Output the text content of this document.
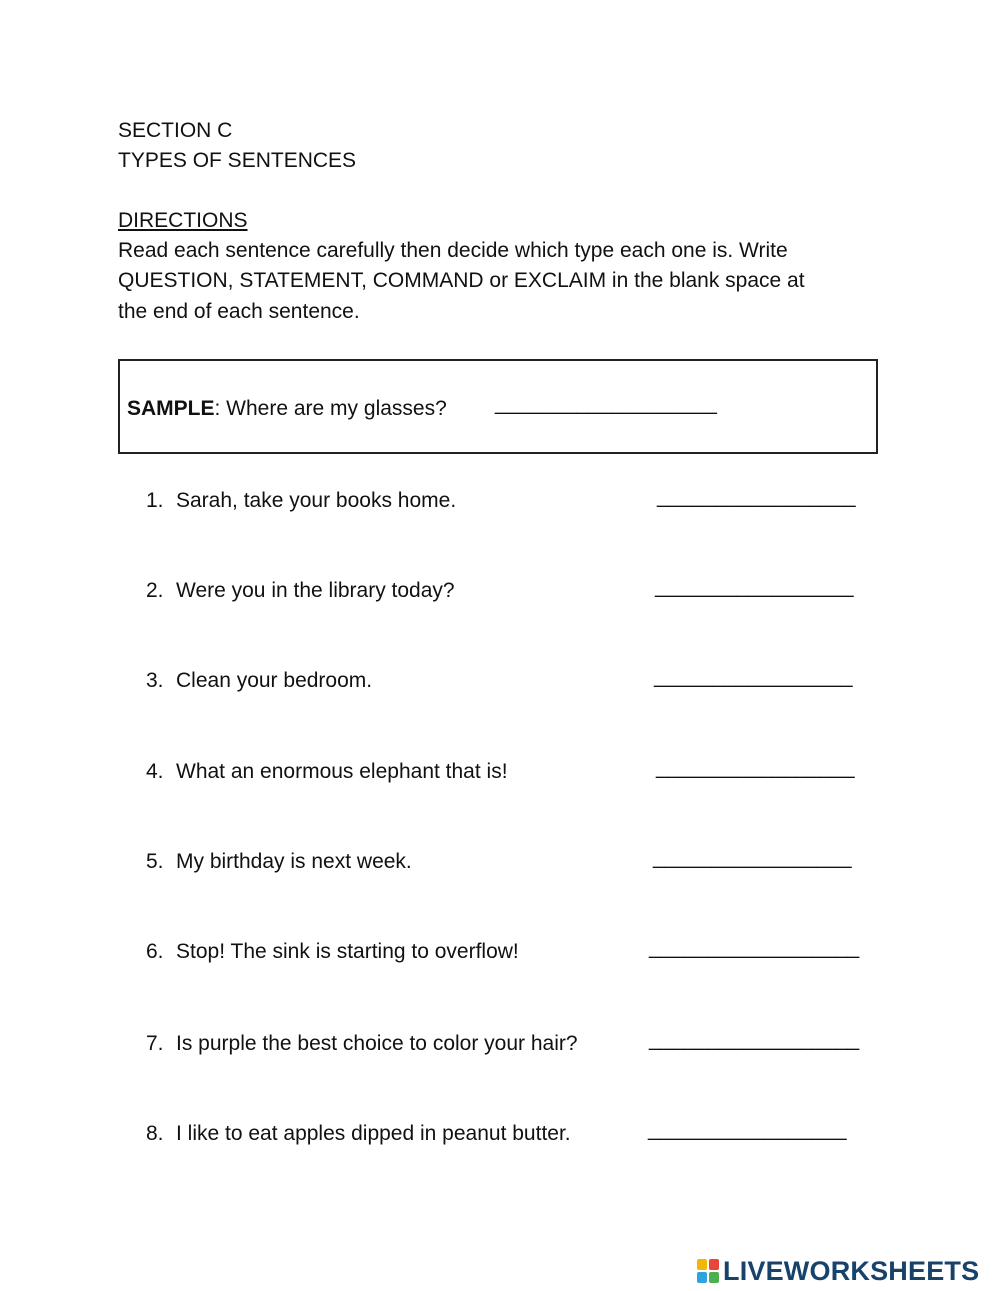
SECTION C
TYPES OF SENTENCES
DIRECTIONS
Read each sentence carefully then decide which type each one is. Write
QUESTION, STATEMENT, COMMAND or EXCLAIM in the blank space at
the end of each sentence.
SAMPLE: Where are my glasses? ___________________
1. Sarah, take your books home.	_________________
2. Were you in the library today?	_________________
3. Clean your bedroom.	_________________
4. What an enormous elephant that is!	_________________
5. My birthday is next week.	_________________
6. Stop! The sink is starting to overflow!	__________________
7. Is purple the best choice to color your hair?	__________________
8. I like to eat apples dipped in peanut butter.	_________________
LIVEWORKSHEETS
